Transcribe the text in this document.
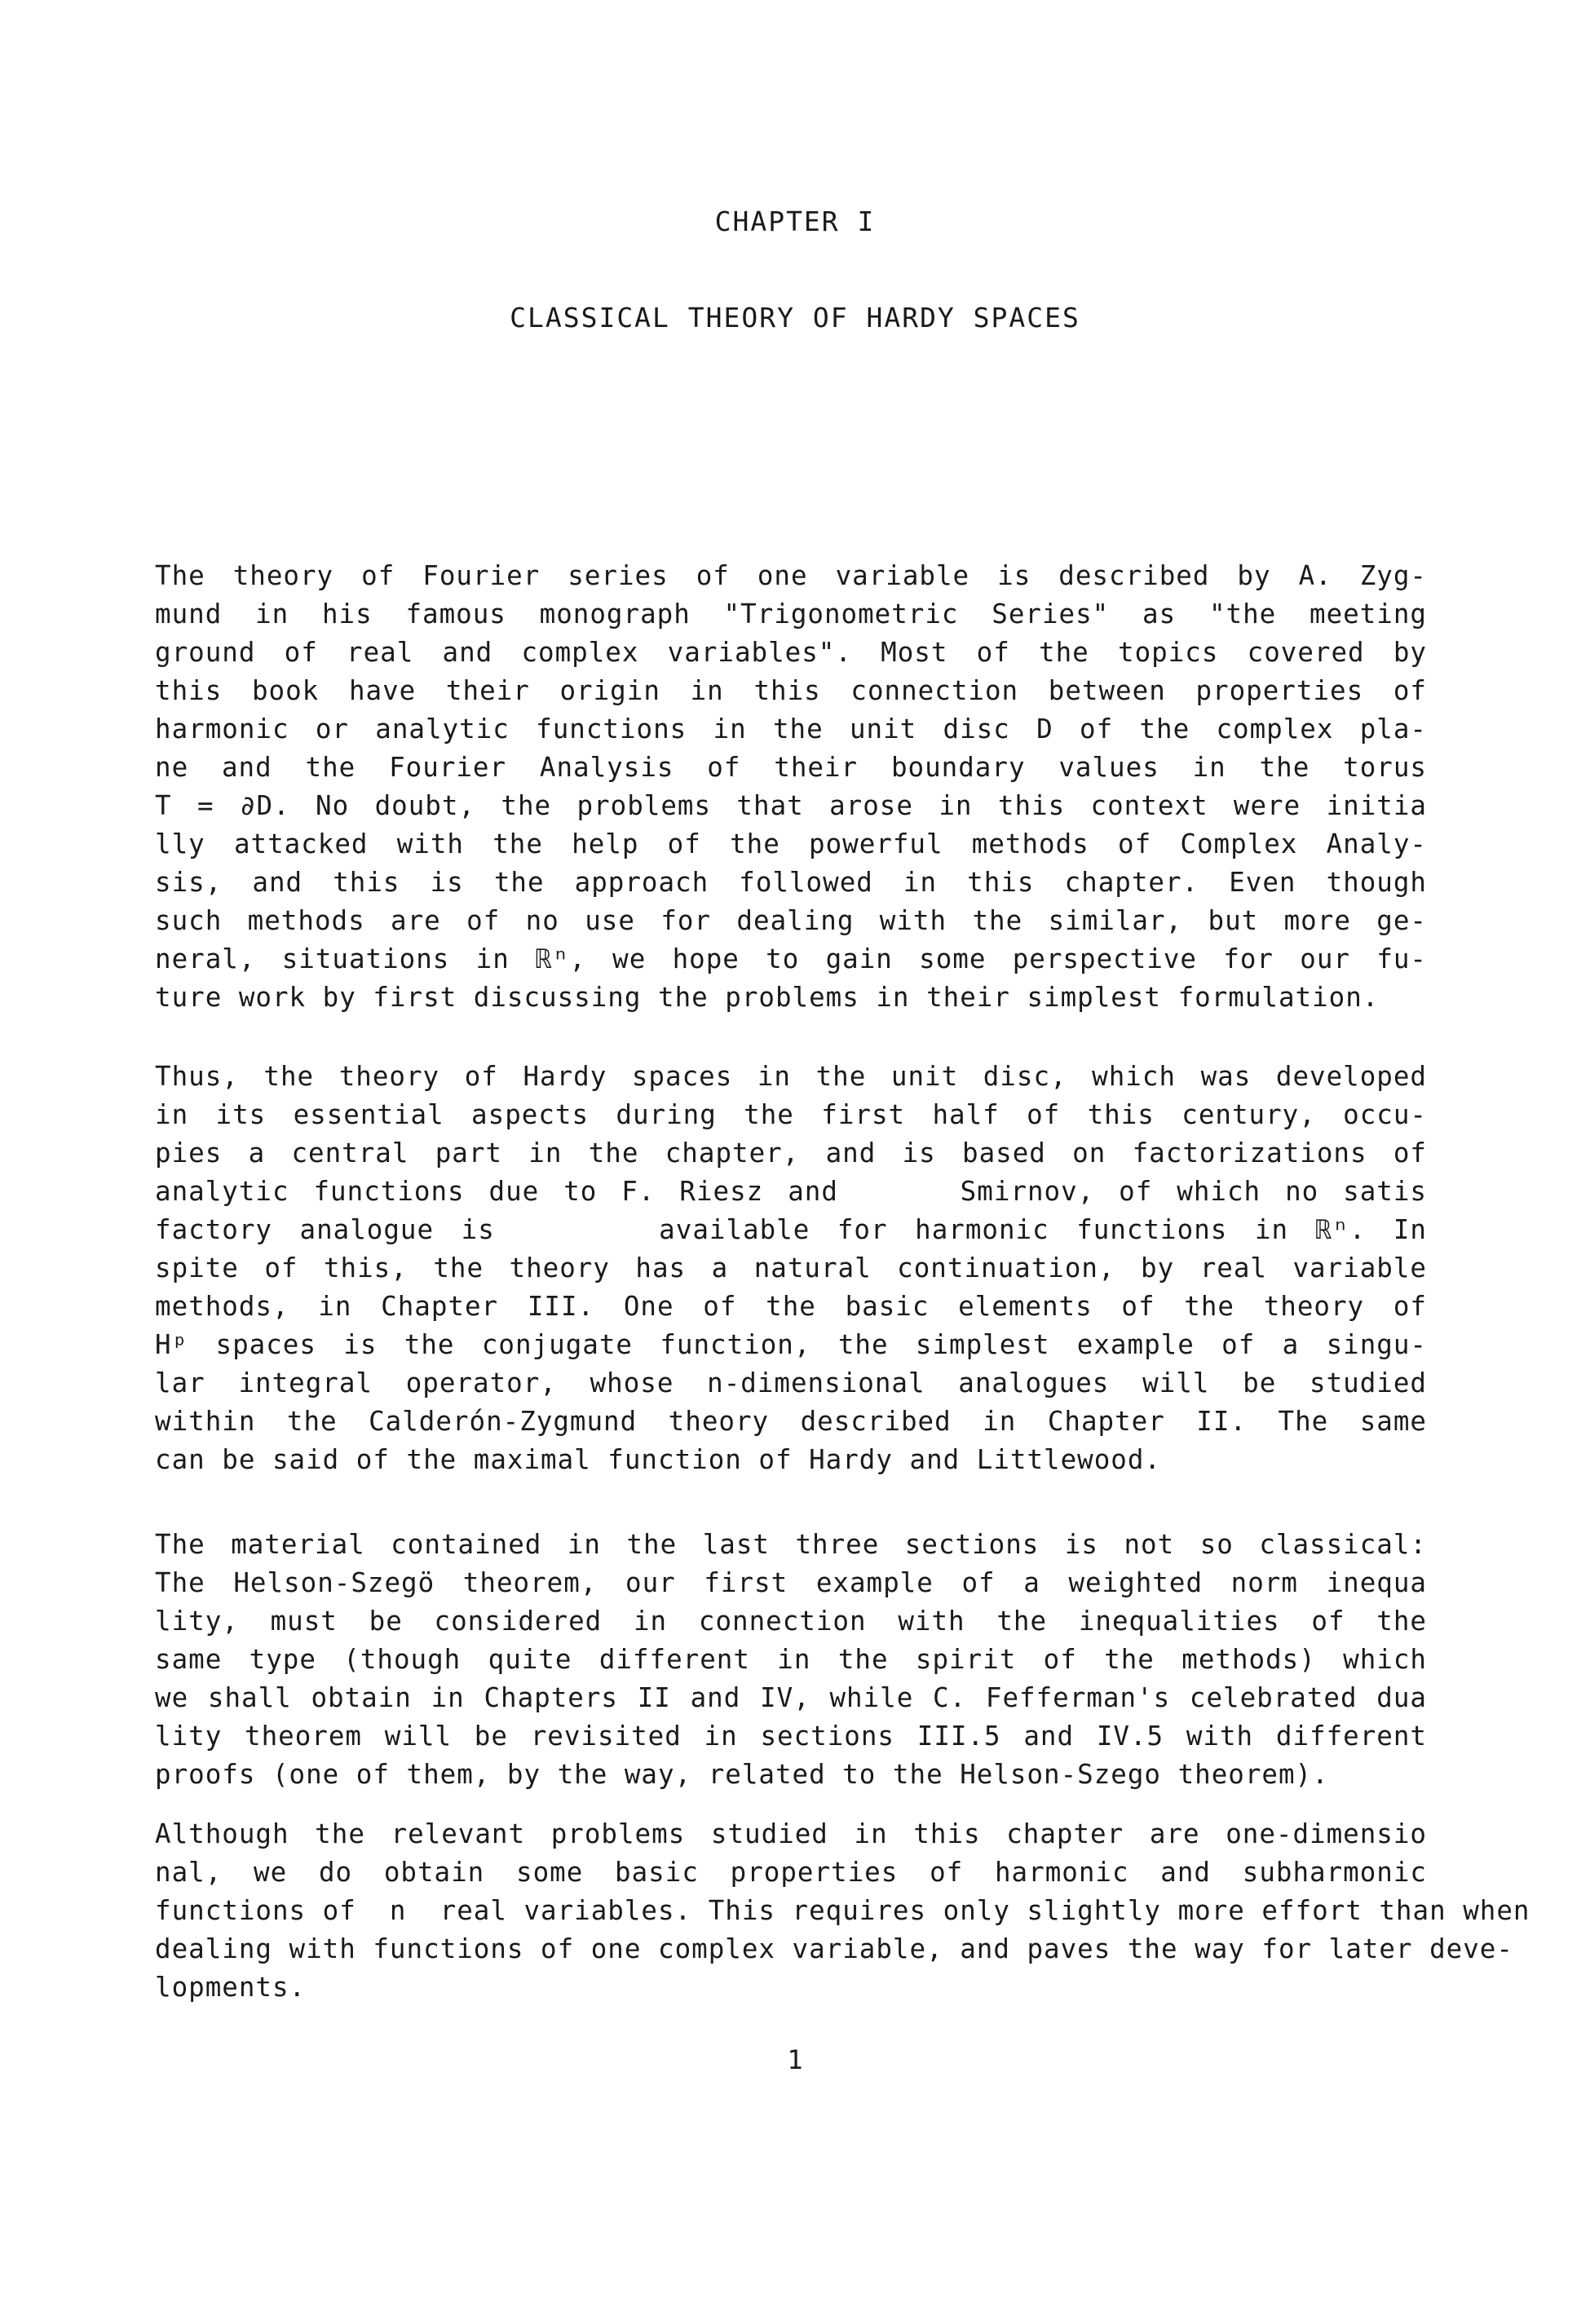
CHAPTER I
CLASSICAL THEORY OF HARDY SPACES
The theory of Fourier series of one variable is described by A. Zyg-
mund in his famous monograph "Trigonometric Series" as "the meeting
ground of real and complex variables". Most of the topics covered by
this book have their origin in this connection between properties of
harmonic or analytic functions in the unit disc D of the complex pla-
ne and the Fourier Analysis of their boundary values in the torus
T = ∂D. No doubt, the problems that arose in this context were initia
lly attacked with the help of the powerful methods of Complex Analy-
sis, and this is the approach followed in this chapter. Even though
such methods are of no use for dealing with the similar, but more ge-
neral, situations in ℝⁿ, we hope to gain some perspective for our fu-
ture work by first discussing the problems in their simplest formulation.
Thus, the theory of Hardy spaces in the unit disc, which was developed
in its essential aspects during the first half of this century, occu-
pies a central part in the chapter, and is based on factorizations of
analytic functions due to F. Riesz and     Smirnov, of which no satis
factory analogue is      available for harmonic functions in ℝⁿ. In
spite of this, the theory has a natural continuation, by real variable
methods, in Chapter III. One of the basic elements of the theory of
Hᵖ spaces is the conjugate function, the simplest example of a singu-
lar integral operator, whose n-dimensional analogues will be studied
within the Calderón-Zygmund theory described in Chapter II. The same
can be said of the maximal function of Hardy and Littlewood.
The material contained in the last three sections is not so classical:
The Helson-Szegö theorem, our first example of a weighted norm inequa
lity, must be considered in connection with the inequalities of the
same type (though quite different in the spirit of the methods) which
we shall obtain in Chapters II and IV, while C. Fefferman's celebrated dua
lity theorem will be revisited in sections III.5 and IV.5 with different
proofs (one of them, by the way, related to the Helson-Szego theorem).
Although the relevant problems studied in this chapter are one-dimensio
nal, we do obtain some basic properties of harmonic and subharmonic
functions of  n  real variables. This requires only slightly more effort than when
dealing with functions of one complex variable, and paves the way for later deve-
lopments.
1
